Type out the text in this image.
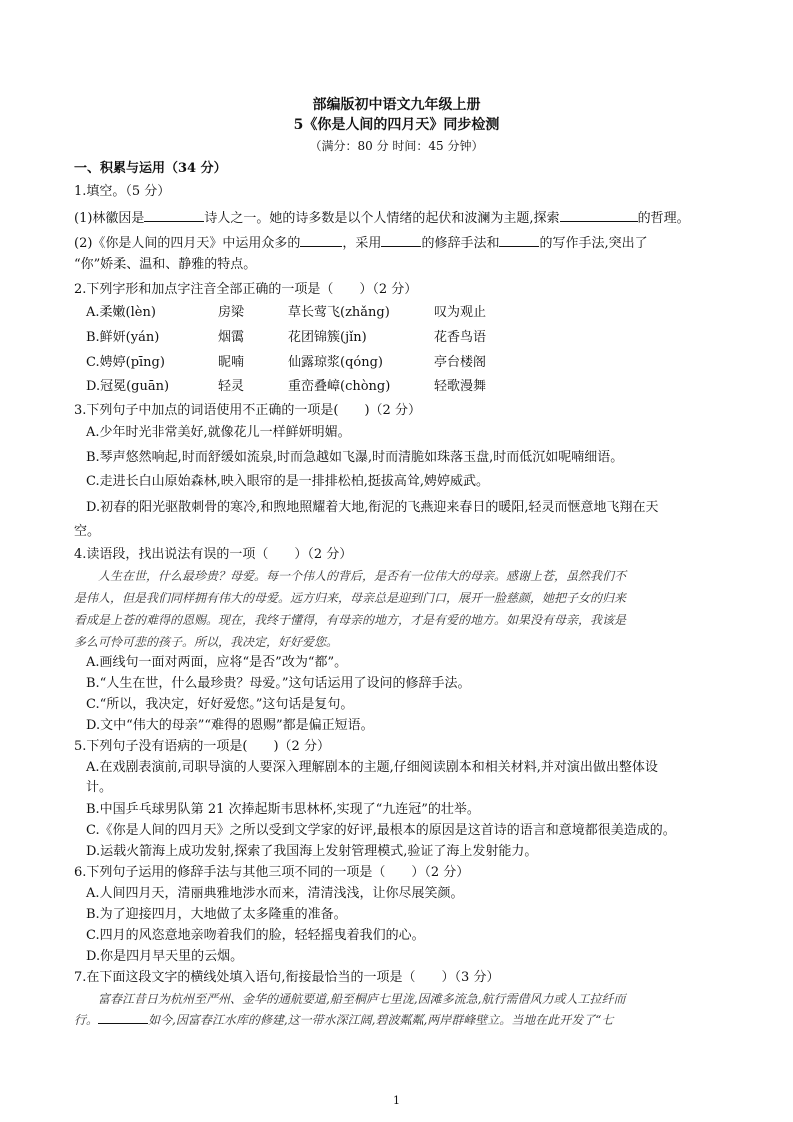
部编版初中语文九年级上册
5《你是人间的四月天》同步检测
（满分：80 分 时间：45 分钟）
一、积累与运用（34 分）
1.填空。（5 分）
(1)林徽因是	诗人之一。她的诗多数是以个人情绪的起伏和波澜为主题,探索	的哲理。
(2)《你是人间的四月天》中运用众多的	，采用	的修辞手法和	的写作手法,突出了
“你”娇柔、温和、静雅的特点。
2.下列字形和加点字注音全部正确的一项是（ ）（2 分）
A.柔嫩(lèn)	房梁	草长莺飞(zhǎng)	叹为观止
B.鲜妍(yán)	烟霭	花团锦簇(jǐn)	花香鸟语
C.娉婷(pīng)	昵喃	仙露琼浆(qóng)	亭台楼阁
D.冠冕(guān)	轻灵	重峦叠嶂(chòng)	轻歌漫舞
3.下列句子中加点的词语使用不正确的一项是( )（2 分）
A.少年时光非常美好,就像花儿一样鲜妍明媚。
B.琴声悠然响起,时而舒缓如流泉,时而急越如飞瀑,时而清脆如珠落玉盘,时而低沉如呢喃细语。
C.走进长白山原始森林,映入眼帘的是一排排松柏,挺拔高耸,娉婷威武。
D.初春的阳光驱散刺骨的寒冷,和煦地照耀着大地,衔泥的飞燕迎来春日的暖阳,轻灵而惬意地飞翔在天
空。
4.读语段，找出说法有误的一项（ ）（2 分）
人生在世，什么最珍贵？母爱。每一个伟人的背后，是否有一位伟大的母亲。感谢上苍，虽然我们不
是伟人，但是我们同样拥有伟大的母爱。远方归来，母亲总是迎到门口，展开一脸慈颜，她把子女的归来
看成是上苍的难得的恩赐。现在，我终于懂得，有母亲的地方，才是有爱的地方。如果没有母亲，我该是
多么可怜可悲的孩子。所以，我决定，好好爱您。
A.画线句一面对两面，应将“是否”改为“都”。
B.“人生在世，什么最珍贵？母爱。”这句话运用了设问的修辞手法。
C.“所以，我决定，好好爱您。”这句话是复句。
D.文中“伟大的母亲”“难得的恩赐”都是偏正短语。
5.下列句子没有语病的一项是( )（2 分）
A.在戏剧表演前,司职导演的人要深入理解剧本的主题,仔细阅读剧本和相关材料,并对演出做出整体设
计。
B.中国乒乓球男队第 21 次捧起斯韦思林杯,实现了“九连冠”的壮举。
C.《你是人间的四月天》之所以受到文学家的好评,最根本的原因是这首诗的语言和意境都很美造成的。
D.运载火箭海上成功发射,探索了我国海上发射管理模式,验证了海上发射能力。
6.下列句子运用的修辞手法与其他三项不同的一项是（ ）（2 分）
A.人间四月天，清丽典雅地涉水而来，清清浅浅，让你尽展笑颜。
B.为了迎接四月，大地做了太多隆重的准备。
C.四月的风恣意地亲吻着我们的脸，轻轻摇曳着我们的心。
D.你是四月早天里的云烟。
7.在下面这段文字的横线处填入语句,衔接最恰当的一项是（ ）（3 分）
富春江昔日为杭州至严州、金华的通航要道,船至桐庐七里泷,因滩多流急,航行需借风力或人工拉纤而
行。	如今,因富春江水库的修建,这一带水深江阔,碧波粼粼,两岸群峰壁立。当地在此开发了“七
1
